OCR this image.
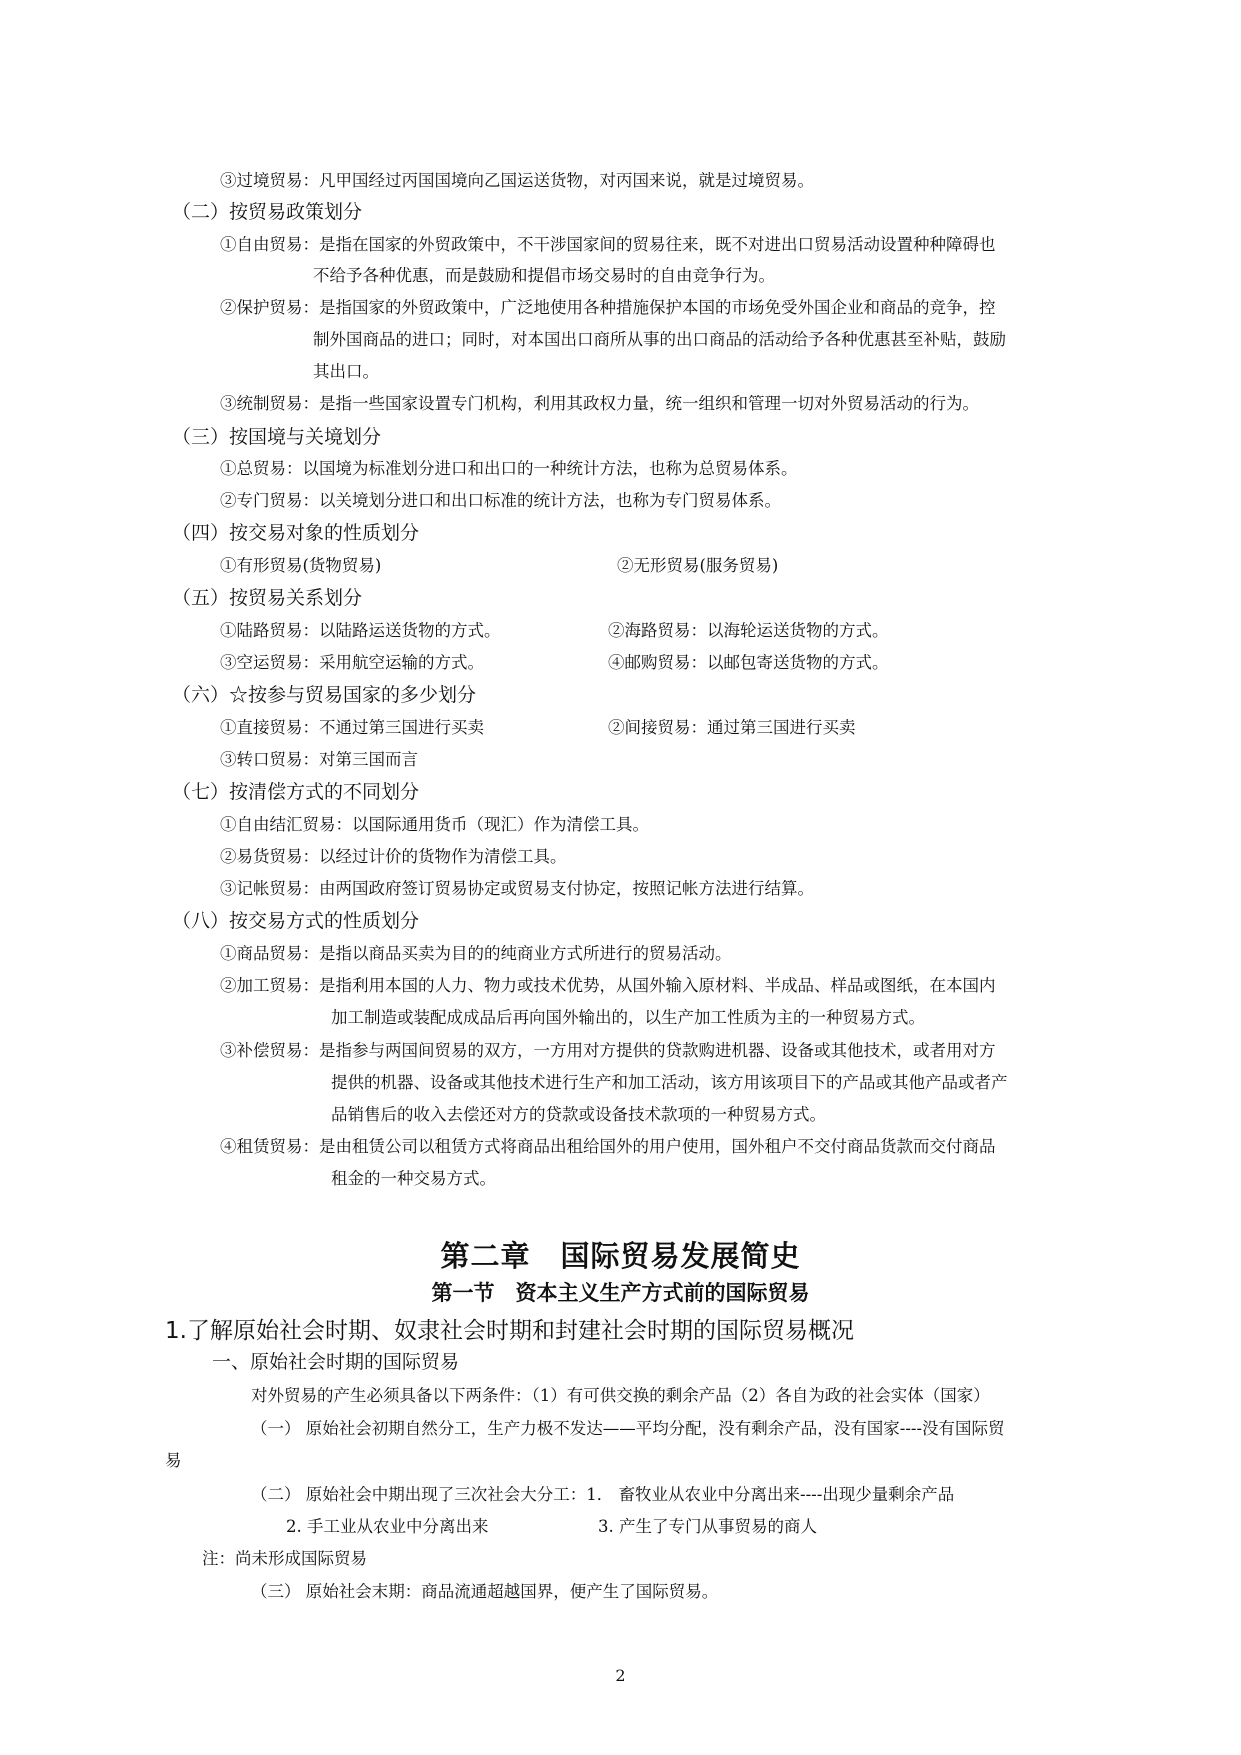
③过境贸易：凡甲国经过丙国国境向乙国运送货物，对丙国来说，就是过境贸易。
（二）按贸易政策划分
①自由贸易：是指在国家的外贸政策中，不干涉国家间的贸易往来，既不对进出口贸易活动设置种种障碍也
不给予各种优惠，而是鼓励和提倡市场交易时的自由竞争行为。
②保护贸易：是指国家的外贸政策中，广泛地使用各种措施保护本国的市场免受外国企业和商品的竞争，控
制外国商品的进口；同时，对本国出口商所从事的出口商品的活动给予各种优惠甚至补贴，鼓励
其出口。
③统制贸易：是指一些国家设置专门机构，利用其政权力量，统一组织和管理一切对外贸易活动的行为。
（三）按国境与关境划分
①总贸易：以国境为标准划分进口和出口的一种统计方法，也称为总贸易体系。
②专门贸易：以关境划分进口和出口标准的统计方法，也称为专门贸易体系。
（四）按交易对象的性质划分
①有形贸易(货物贸易)	②无形贸易(服务贸易)
（五）按贸易关系划分
①陆路贸易：以陆路运送货物的方式。	②海路贸易：以海轮运送货物的方式。
③空运贸易：采用航空运输的方式。	④邮购贸易：以邮包寄送货物的方式。
（六）☆按参与贸易国家的多少划分
①直接贸易：不通过第三国进行买卖	②间接贸易：通过第三国进行买卖
③转口贸易：对第三国而言
（七）按清偿方式的不同划分
①自由结汇贸易：以国际通用货币（现汇）作为清偿工具。
②易货贸易：以经过计价的货物作为清偿工具。
③记帐贸易：由两国政府签订贸易协定或贸易支付协定，按照记帐方法进行结算。
（八）按交易方式的性质划分
①商品贸易：是指以商品买卖为目的的纯商业方式所进行的贸易活动。
②加工贸易：是指利用本国的人力、物力或技术优势，从国外输入原材料、半成品、样品或图纸，在本国内
加工制造或装配成成品后再向国外输出的，以生产加工性质为主的一种贸易方式。
③补偿贸易：是指参与两国间贸易的双方，一方用对方提供的贷款购进机器、设备或其他技术，或者用对方
提供的机器、设备或其他技术进行生产和加工活动，该方用该项目下的产品或其他产品或者产
品销售后的收入去偿还对方的贷款或设备技术款项的一种贸易方式。
④租赁贸易：是由租赁公司以租赁方式将商品出租给国外的用户使用，国外租户不交付商品货款而交付商品
租金的一种交易方式。
第二章　国际贸易发展简史
第一节　资本主义生产方式前的国际贸易
1.了解原始社会时期、奴隶社会时期和封建社会时期的国际贸易概况
一、原始社会时期的国际贸易
对外贸易的产生必须具备以下两条件：（1）有可供交换的剩余产品（2）各自为政的社会实体（国家）
（一） 原始社会初期自然分工，生产力极不发达——平均分配，没有剩余产品，没有国家----没有国际贸
易
（二） 原始社会中期出现了三次社会大分工：1． 畜牧业从农业中分离出来----出现少量剩余产品
2. 手工业从农业中分离出来	3. 产生了专门从事贸易的商人
注：尚未形成国际贸易
（三） 原始社会末期：商品流通超越国界，便产生了国际贸易。
2
